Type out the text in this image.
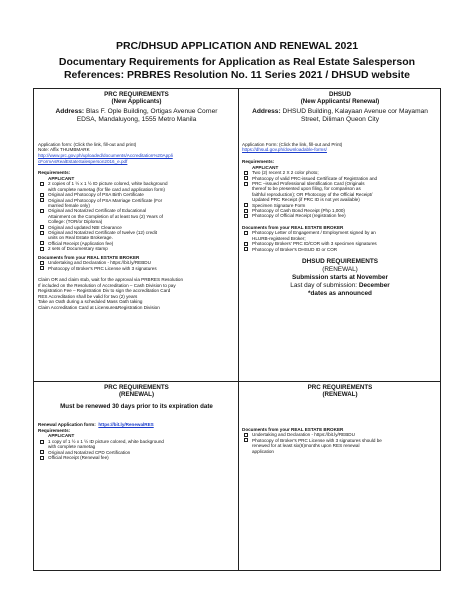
PRC/DHSUD APPLICATION AND RENEWAL 2021
Documentary Requirements for Application as Real Estate Salesperson
References: PRBRES Resolution No. 11 Series 2021 / DHSUD website
PRC REQUIREMENTS
(New Applicants)
Address: Blas F. Ople Building, Ortigas Avenue Corner
EDSA, Mandaluyong, 1555 Metro Manila
Application form: (Click the link, fill-out and print)
Note: Affix THUMBMARK
http://www.prc.gov.ph/uploaded/documents/Accreditation%20Appli
cFormAsRealEstateSalesperson2016_e.pdf
Requirements:
APPLICANT
2 copies of 1 ½ x 1 ½ ID picture colored, white background
with complete nametag (for file card and application form)
Original and Photocopy of PSA Birth Certificate
Original and Photocopy of PSA Marriage Certificate (For
married female only)
Original and Notarized Certificate of Educational
Attainment on the Completion of at least two (2) Years of
College: (TOR/or Diploma)
Original and updated NBI Clearance
Original and Notarized Certificate of twelve (12) credit
units on Real Estate Brokerage.
Official Receipt (Application fee)
2 sets of Documentary stamp
Documents from your REAL ESTATE BROKER
Undertaking and Declaration - https://bit.ly/REBDU
Photocopy of Broker's PRC License with 3 signatures
Claim OR and claim stub, wait for the approval via PRBRES Resolution
If included on the Resolution of Accreditation – Cash Division to pay
Registration Fee – Registration Div to sign the accreditation Card
RES Accreditation shall be valid for two (2) years
Take an Oath during a scheduled Mass Oath taking
Claim Accreditation Card at Licensure&Registration Division
DHSUD
(New Applicants/ Renewal)
Address: DHSUD Building, Kalayaan Avenue cor Mayaman
Street, Diliman Queon City
Application Form: (Click the link, fill-out and Print)
https://dhsud.gov.ph/downloadable-forms/
Requirements:
APPLICANT
Two (2) recent 2 X 2 color photo;
Photocopy of valid PRC-issued Certificate of Registration and
PRC –issued Professional Identification Card (Originals
thereof to be presented upon filing, for comparison as
faithful reproduction); OR Photocopy of the Official Receipt/
Updated PRC Receipt (if PRC ID is not yet available)
Specimen Signature Form
Photocopy of Cash Bond Receipt (Php 1,000)
Photocopy of Official Receipt (registration fee)
Documents from your REAL ESTATE BROKER
Photocopy Letter of Engagement / Employment signed by an
HLURB-registered Broker;
Photocopy Brokers' PRC ID/COR with 3 specimen signatures
Photocopy of Broker's DHSUD ID or COR
DHSUD REQUIREMENTS
(RENEWAL)
Submission starts at November
Last day of submission: December
*dates as announced
PRC REQUIREMENTS
(RENEWAL)
Must be renewed 30 days prior to its expiration date
Renewal Application form: https://bit.ly/RenewalRES
Requirements:
APPLICANT
1 copy of 1 ½ x 1 ½ ID picture colored, white background
with complete nametag
Original and Notarized CPD Certification
Official Receipt (Renewal fee)
PRC REQUIREMENTS
(RENEWAL)
Documents from your REAL ESTATE BROKER
Undertaking and Declaration - https://bit.ly/REBDU
Photocopy of Broker's PRC License with 3 signatures should be
renewed for at least six(6)months upon RES renewal
application
